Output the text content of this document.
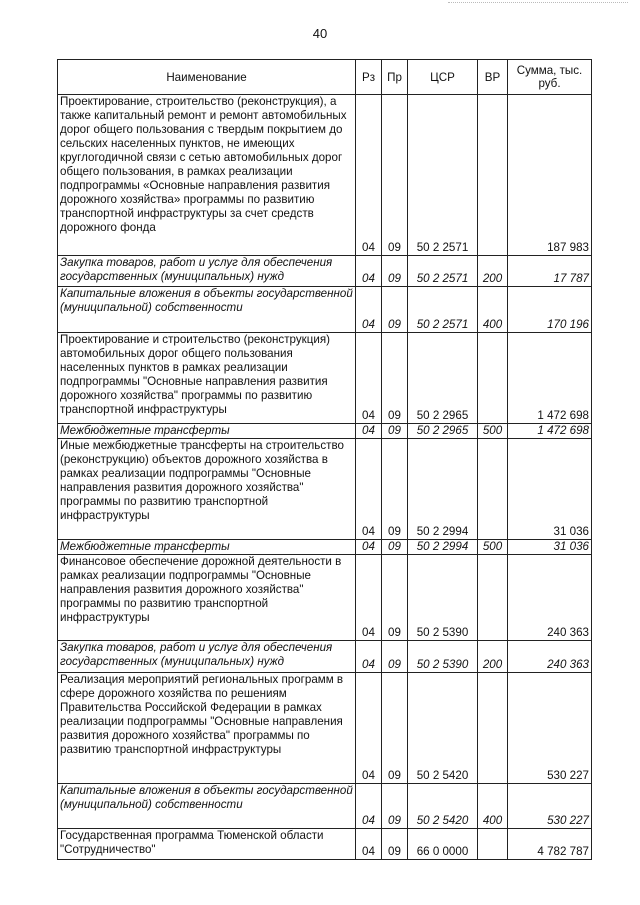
40
Наименование	Рз	Пр	ЦСР	ВР	Сумма, тыс. руб.
Проектирование, строительство (реконструкция), а также капитальный ремонт и ремонт автомобильных дорог общего пользования с твердым покрытием до сельских населенных пунктов, не имеющих круглогодичной связи с сетью автомобильных дорог общего пользования, в рамках реализации подпрограммы «Основные направления развития дорожного хозяйства» программы по развитию транспортной инфраструктуры за счет средств дорожного фонда	04	09	50 2 2571		187 983
Закупка товаров, работ и услуг для обеспечения государственных (муниципальных) нужд	04	09	50 2 2571	200	17 787
Капитальные вложения в объекты государственной (муниципальной) собственности	04	09	50 2 2571	400	170 196
Проектирование и строительство (реконструкция) автомобильных дорог общего пользования населенных пунктов в рамках реализации подпрограммы "Основные направления развития дорожного хозяйства" программы по развитию транспортной инфраструктуры	04	09	50 2 2965		1 472 698
Межбюджетные трансферты	04	09	50 2 2965	500	1 472 698
Иные межбюджетные трансферты на строительство (реконструкцию) объектов дорожного хозяйства в рамках реализации подпрограммы "Основные направления развития дорожного хозяйства" программы по развитию транспортной инфраструктуры	04	09	50 2 2994		31 036
Межбюджетные трансферты	04	09	50 2 2994	500	31 036
Финансовое обеспечение дорожной деятельности в рамках реализации подпрограммы "Основные направления развития дорожного хозяйства" программы по развитию транспортной инфраструктуры	04	09	50 2 5390		240 363
Закупка товаров, работ и услуг для обеспечения государственных (муниципальных) нужд	04	09	50 2 5390	200	240 363
Реализация мероприятий региональных программ в сфере дорожного хозяйства по решениям Правительства Российской Федерации в рамках реализации подпрограммы "Основные направления развития дорожного хозяйства" программы по развитию транспортной инфраструктуры	04	09	50 2 5420		530 227
Капитальные вложения в объекты государственной (муниципальной) собственности	04	09	50 2 5420	400	530 227
Государственная программа Тюменской области "Сотрудничество"	04	09	66 0 0000		4 782 787
